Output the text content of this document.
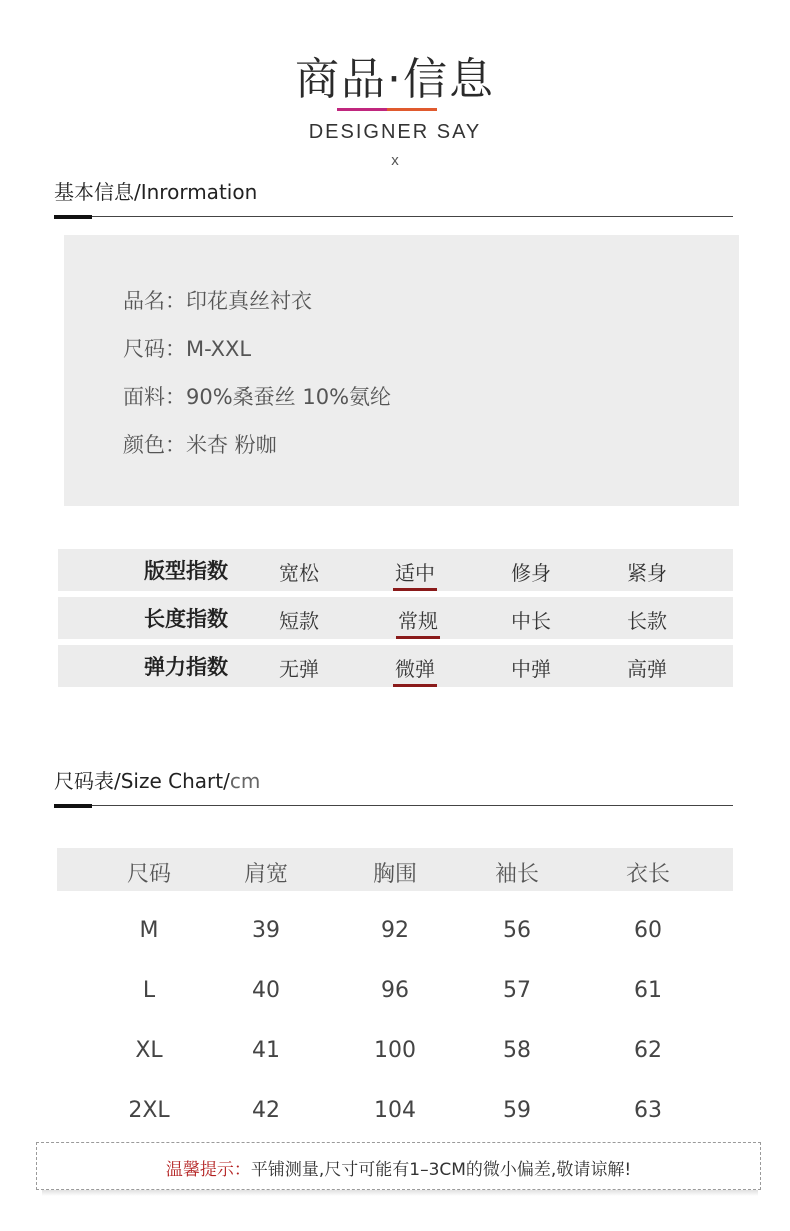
商品·信息
DESIGNER SAY
x
基本信息/Inrormation
品名：印花真丝衬衣
尺码：M-XXL
面料：90%桑蚕丝 10%氨纶
颜色：米杏 粉咖
版型指数	宽松	适中	修身	紧身
长度指数	短款	常规	中长	长款
弹力指数	无弹	微弹	中弹	高弹
尺码表/Size Chart/cm
尺码	肩宽	胸围	袖长	衣长
M	39	92	56	60
L	40	96	57	61
XL	41	100	58	62
2XL	42	104	59	63
温馨提示：平铺测量,尺寸可能有1–3CM的微小偏差,敬请谅解!
